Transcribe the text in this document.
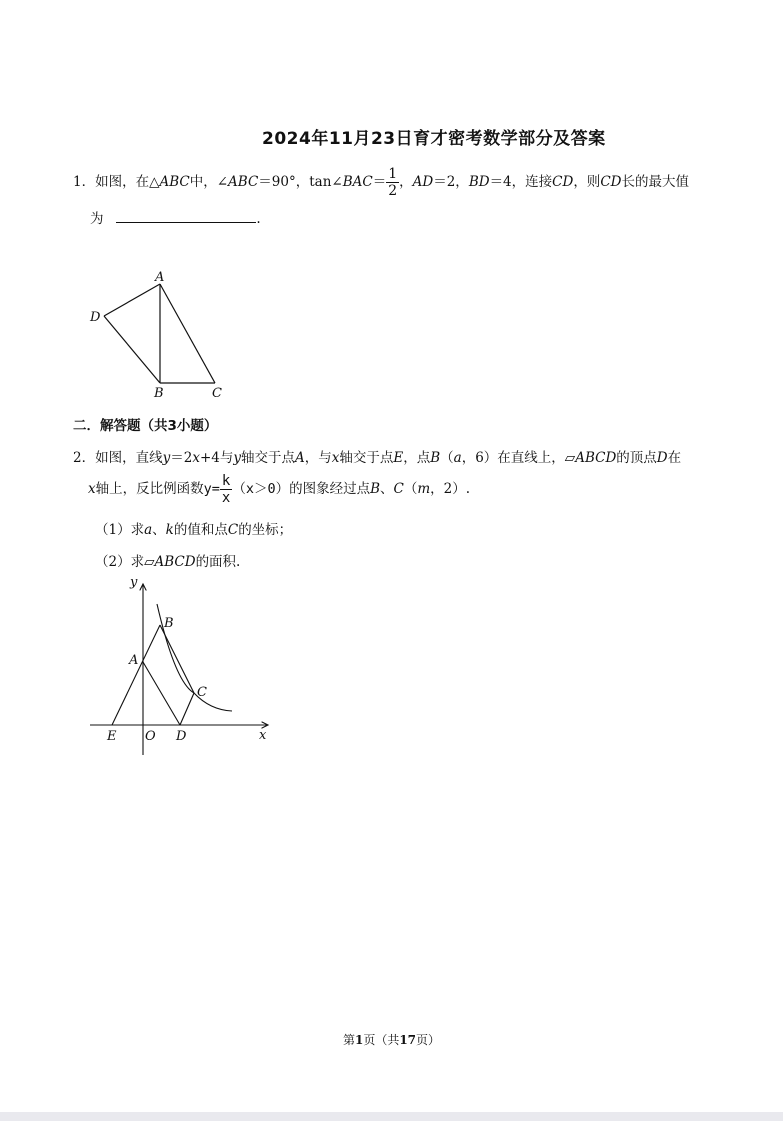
2024年11月23日育才密考数学部分及答案
1．如图，在△ABC中，∠ABC＝90°，tan∠BAC＝ $\frac{1}{2}$ ，AD＝2，BD＝4，连接CD，则CD长的最大值
为	.
A
D
B	C
二．解答题（共3小题）
2．如图，直线y＝2x+4与y轴交于点A，与x轴交于点E，点B（a，6）在直线上，▱ABCD的顶点D在
x轴上，反比例函数$y= \frac{k}{x} (x>0)$的图象经过点B、C（m，2）.
（1）求a、k的值和点C的坐标；
（2）求▱ABCD的面积.
y
x
B
A
C
E O D
第1页（共17页）
